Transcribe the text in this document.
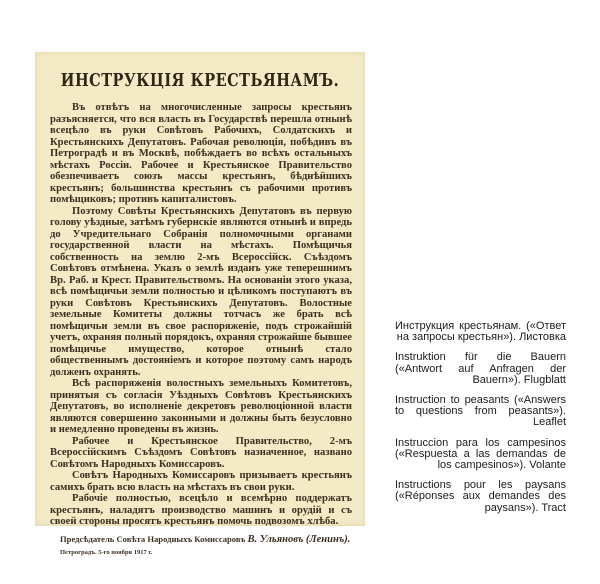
ИНСТРУКЦІЯ КРЕСТЬЯНАМЪ.

Въ отвѣтъ на многочисленные запросы крестьянъ разъясняется, что вся власть въ Государствѣ перешла отнынѣ всецѣло въ руки Совѣтовъ Рабочихъ, Солдатскихъ и Крестьянскихъ Депутатовъ. Рабочая революція, побѣдивъ въ Петроградѣ и въ Москвѣ, побѣждаетъ во всѣхъ остальныхъ мѣстахъ Россіи. Рабочее и Крестьянское Правительство обезпечиваетъ союзъ массы крестьянъ, бѣднѣйшихъ крестьянъ; большинства крестьянъ съ рабочими противъ помѣщиковъ; противъ капиталистовъ.

Поэтому Совѣты Крестьянскихъ Депутатовъ въ первую голову уѣздные, затѣмъ губернскіе являются отнынѣ и впредь до Учредительнаго Собранія полномочными органами государственной власти на мѣстахъ. Помѣщичья собственность на землю 2-мъ Всероссійск. Съѣздомъ Совѣтовъ отмѣнена. Указъ о землѣ изданъ уже теперешнимъ Вр. Раб. и Крест. Правительствомъ. На основаніи этого указа, всѣ помѣщичьи земли полностью и цѣликомъ поступаютъ въ руки Совѣтовъ Крестьянскихъ Депутатовъ. Волостные земельные Комитеты должны тотчасъ же брать всѣ помѣщичьи земли въ свое распоряженіе, подъ строжайшій учетъ, охраняя полный порядокъ, охраняя строжайше бывшее помѣщичье имущество, которое отнынѣ стало общественнымъ достояніемъ и которое поэтому самъ народъ долженъ охранять.

Всѣ распоряженія волостныхъ земельныхъ Комитетовъ, принятыя съ согласія Уѣздныхъ Совѣтовъ Крестьянскихъ Депутатовъ, во исполненіе декретовъ революціонной власти являются совершенно законными и должны быть безусловно и немедленно проведены въ жизнь.

Рабочее и Крестьянское Правительство, 2-мъ Всероссійскимъ Съѣздомъ Совѣтовъ назначенное, названо Совѣтомъ Народныхъ Комиссаровъ.

Совѣтъ Народныхъ Комиссаровъ призываетъ крестьянъ самихъ брать всю власть на мѣстахъ въ свои руки.

Рабочіе полностью, всецѣло и всемѣрно поддержатъ крестьянъ, наладятъ производство машинъ и орудій и съ своей стороны просятъ крестьянъ помочь подвозомъ хлѣба.

Предсѣдатель Совѣта Народныхъ Комиссаровъ В. Ульяновъ (Ленинъ).

Петроградъ. 5-го ноября 1917 г.

Инструкция крестьянам. («Ответ на запросы крестьян»). Листовка

Instruktion für die Bauern («Antwort auf Anfragen der Bauern»). Flugblatt

Instruction to peasants («Answers to questions from peasants»). Leaflet

Instruccion para los campesinos («Respuesta a las demandas de los campesinos»). Volante

Instructions pour les paysans («Réponses aux demandes des paysans»). Tract
